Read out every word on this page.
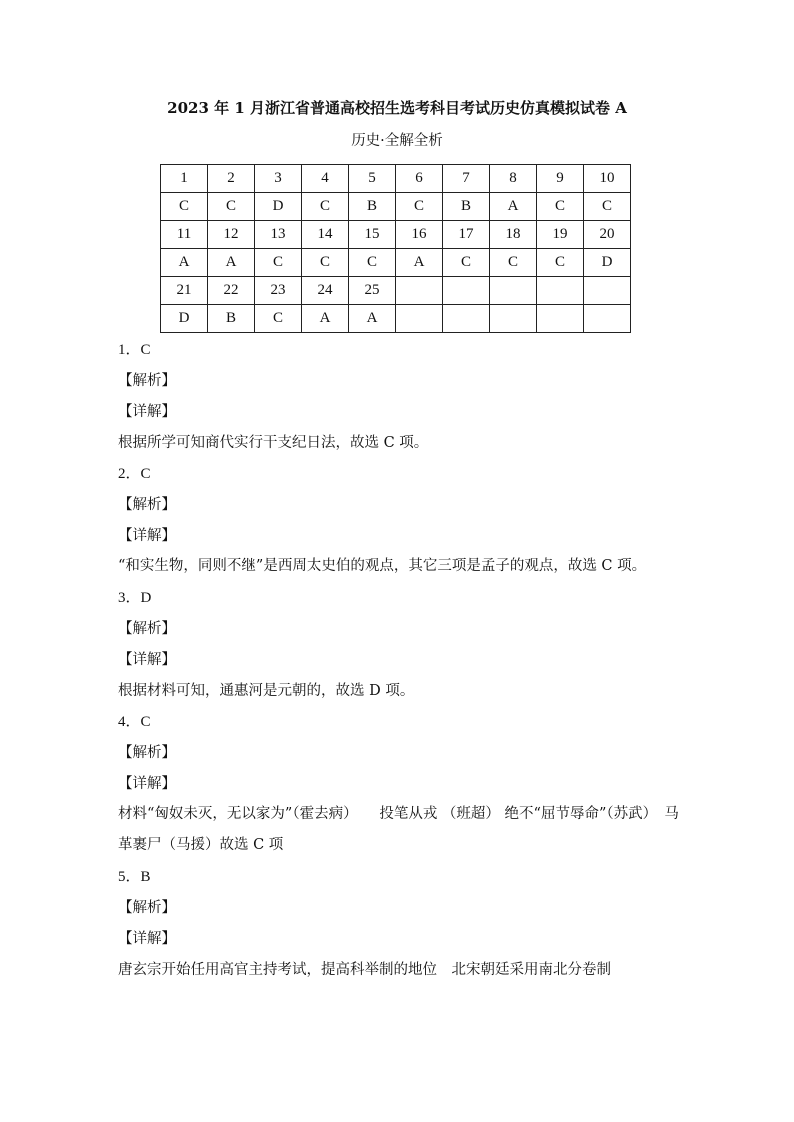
2023 年 1 月浙江省普通高校招生选考科目考试历史仿真模拟试卷 A
历史·全解全析
1	2	3	4	5	6	7	8	9	10
C	C	D	C	B	C	B	A	C	C
11	12	13	14	15	16	17	18	19	20
A	A	C	C	C	A	C	C	C	D
21	22	23	24	25					
D	B	C	A	A					
1．C
【解析】
【详解】
根据所学可知商代实行干支纪日法，故选 C 项。
2．C
【解析】
【详解】
“和实生物，同则不继”是西周太史伯的观点，其它三项是孟子的观点，故选 C 项。
3．D
【解析】
【详解】
根据材料可知，通惠河是元朝的，故选 D 项。
4．C
【解析】
【详解】
材料“匈奴未灭，无以家为”（霍去病）　　投笔从戎 （班超） 绝不“屈节辱命”（苏武）　马革裹尸（马援）故选 C 项
5．B
【解析】
【详解】
唐玄宗开始任用高官主持考试，提高科举制的地位　北宋朝廷采用南北分卷制
